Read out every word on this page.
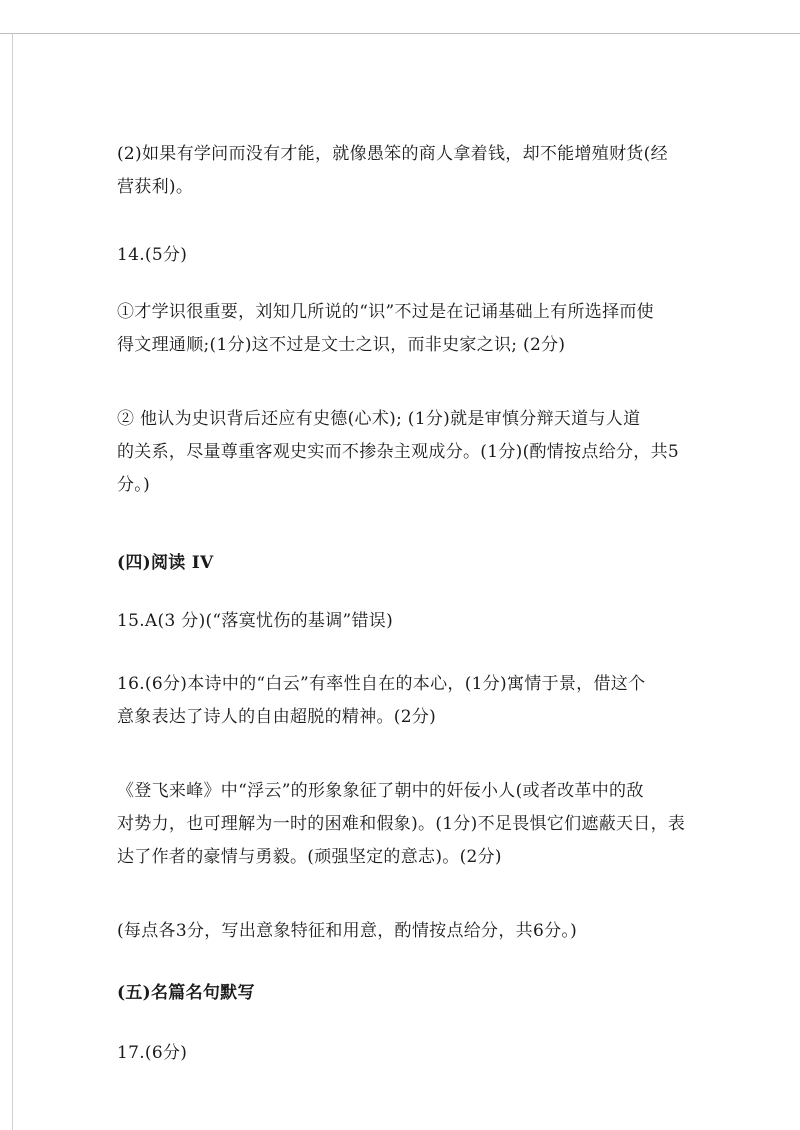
(2)如果有学问而没有才能，就像愚笨的商人拿着钱，却不能增殖财货(经
营获利)。

14.(5分)

①才学识很重要，刘知几所说的“识”不过是在记诵基础上有所选择而使
得文理通顺;(1分)这不过是文士之识，而非史家之识; (2分)

② 他认为史识背后还应有史德(心术); (1分)就是审慎分辩天道与人道
的关系，尽量尊重客观史实而不掺杂主观成分。(1分)(酌情按点给分，共5
分。)

(四)阅读 IV

15.A(3 分)(“落寞忧伤的基调”错误)

16.(6分)本诗中的“白云”有率性自在的本心，(1分)寓情于景，借这个
意象表达了诗人的自由超脱的精神。(2分)

《登飞来峰》中“浮云”的形象象征了朝中的奸佞小人(或者改革中的敌
对势力，也可理解为一时的困难和假象)。(1分)不足畏惧它们遮蔽天日，表
达了作者的豪情与勇毅。(顽强坚定的意志)。(2分)

(每点各3分，写出意象特征和用意，酌情按点给分，共6分。)

(五)名篇名句默写

17.(6分)
